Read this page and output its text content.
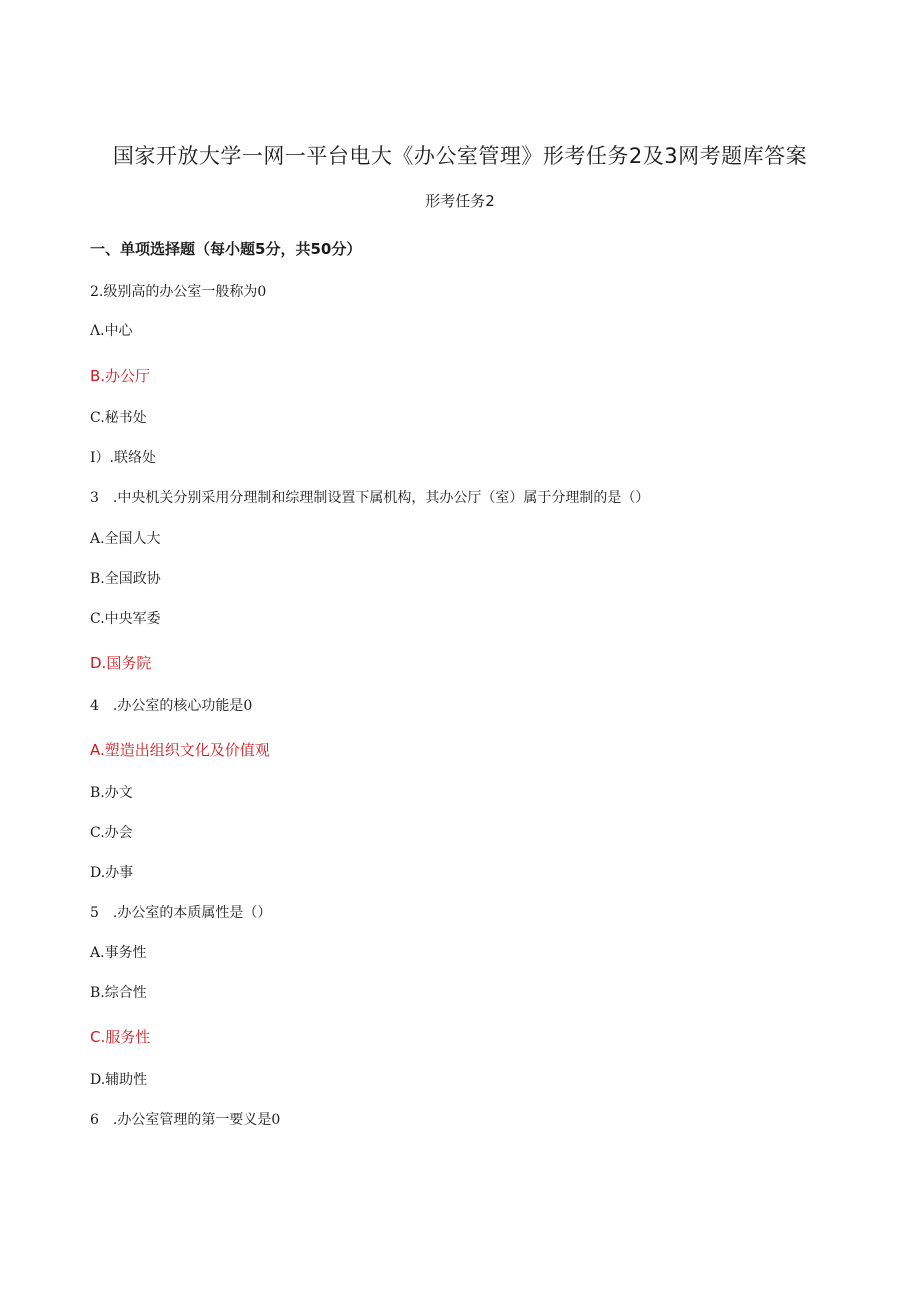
国家开放大学一网一平台电大《办公室管理》形考任务2及3网考题库答案
形考任务2
一、单项选择题（每小题5分，共50分）
2.级别高的办公室一般称为0
Λ.中心
B.办公厅
C.秘书处
I）.联络处
3　.中央机关分别采用分理制和综理制设置下属机构，其办公厅（室）属于分理制的是（）
A.全国人大
B.全国政协
C.中央军委
D.国务院
4　.办公室的核心功能是0
A.塑造出组织文化及价值观
B.办文
C.办会
D.办事
5　.办公室的本质属性是（）
A.事务性
B.综合性
C.服务性
D.辅助性
6　.办公室管理的第一要义是0
